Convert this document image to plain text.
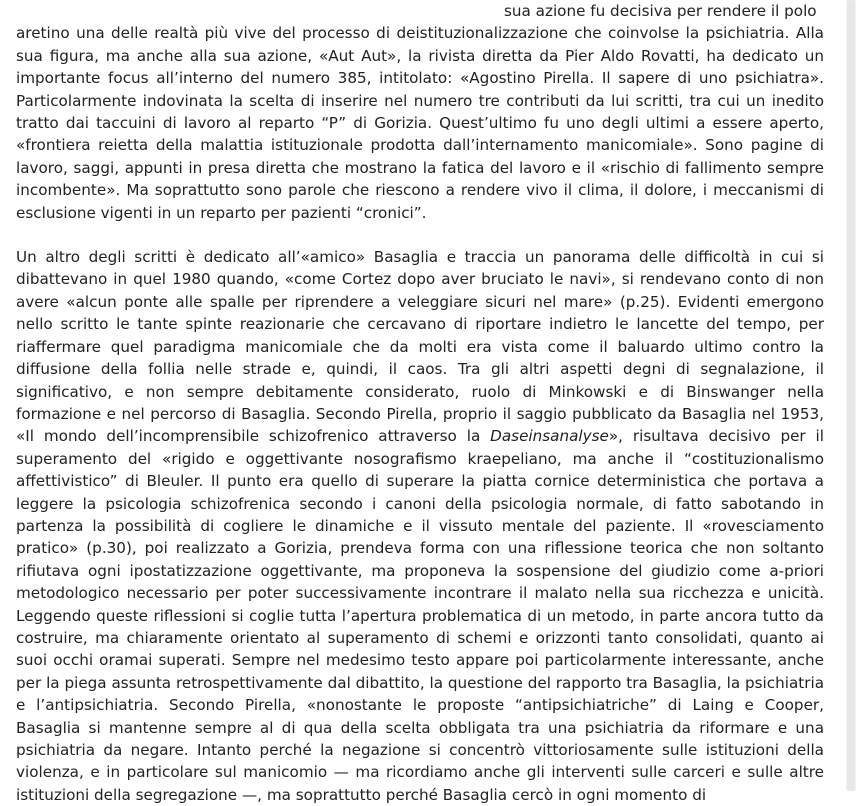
sua azione fu decisiva per rendere il polo
aretino una delle realtà più vive del processo di deistituzionalizzazione che coinvolse la psichiatria. Alla sua figura, ma anche alla sua azione, «Aut Aut», la rivista diretta da Pier Aldo Rovatti, ha dedicato un importante focus all’interno del numero 385, intitolato: «Agostino Pirella. Il sapere di uno psichiatra». Particolarmente indovinata la scelta di inserire nel numero tre contributi da lui scritti, tra cui un inedito tratto dai taccuini di lavoro al reparto “P” di Gorizia. Quest’ultimo fu uno degli ultimi a essere aperto, «frontiera reietta della malattia istituzionale prodotta dall’internamento manicomiale». Sono pagine di lavoro, saggi, appunti in presa diretta che mostrano la fatica del lavoro e il «rischio di fallimento sempre incombente». Ma soprattutto sono parole che riescono a rendere vivo il clima, il dolore, i meccanismi di esclusione vigenti in un reparto per pazienti “cronici”.

Un altro degli scritti è dedicato all’«amico» Basaglia e traccia un panorama delle difficoltà in cui si dibattevano in quel 1980 quando, «come Cortez dopo aver bruciato le navi», si rendevano conto di non avere «alcun ponte alle spalle per riprendere a veleggiare sicuri nel mare» (p.25). Evidenti emergono nello scritto le tante spinte reazionarie che cercavano di riportare indietro le lancette del tempo, per riaffermare quel paradigma manicomiale che da molti era vista come il baluardo ultimo contro la diffusione della follia nelle strade e, quindi, il caos. Tra gli altri aspetti degni di segnalazione, il significativo, e non sempre debitamente considerato, ruolo di Minkowski e di Binswanger nella formazione e nel percorso di Basaglia. Secondo Pirella, proprio il saggio pubblicato da Basaglia nel 1953, «Il mondo dell’incomprensibile schizofrenico attraverso la Daseinsanalyse», risultava decisivo per il superamento del «rigido e oggettivante nosografismo kraepeliano, ma anche il “costituzionalismo affettivistico” di Bleuler. Il punto era quello di superare la piatta cornice deterministica che portava a leggere la psicologia schizofrenica secondo i canoni della psicologia normale, di fatto sabotando in partenza la possibilità di cogliere le dinamiche e il vissuto mentale del paziente. Il «rovesciamento pratico» (p.30), poi realizzato a Gorizia, prendeva forma con una riflessione teorica che non soltanto rifiutava ogni ipostatizzazione oggettivante, ma proponeva la sospensione del giudizio come a-priori metodologico necessario per poter successivamente incontrare il malato nella sua ricchezza e unicità. Leggendo queste riflessioni si coglie tutta l’apertura problematica di un metodo, in parte ancora tutto da costruire, ma chiaramente orientato al superamento di schemi e orizzonti tanto consolidati, quanto ai suoi occhi oramai superati. Sempre nel medesimo testo appare poi particolarmente interessante, anche per la piega assunta retrospettivamente dal dibattito, la questione del rapporto tra Basaglia, la psichiatria e l’antipsichiatria. Secondo Pirella, «nonostante le proposte “antipsichiatriche” di Laing e Cooper, Basaglia si mantenne sempre al di qua della scelta obbligata tra una psichiatria da riformare e una psichiatria da negare. Intanto perché la negazione si concentrò vittoriosamente sulle istituzioni della violenza, e in particolare sul manicomio — ma ricordiamo anche gli interventi sulle carceri e sulle altre istituzioni della segregazione —, ma soprattutto perché Basaglia cercò in ogni momento di
